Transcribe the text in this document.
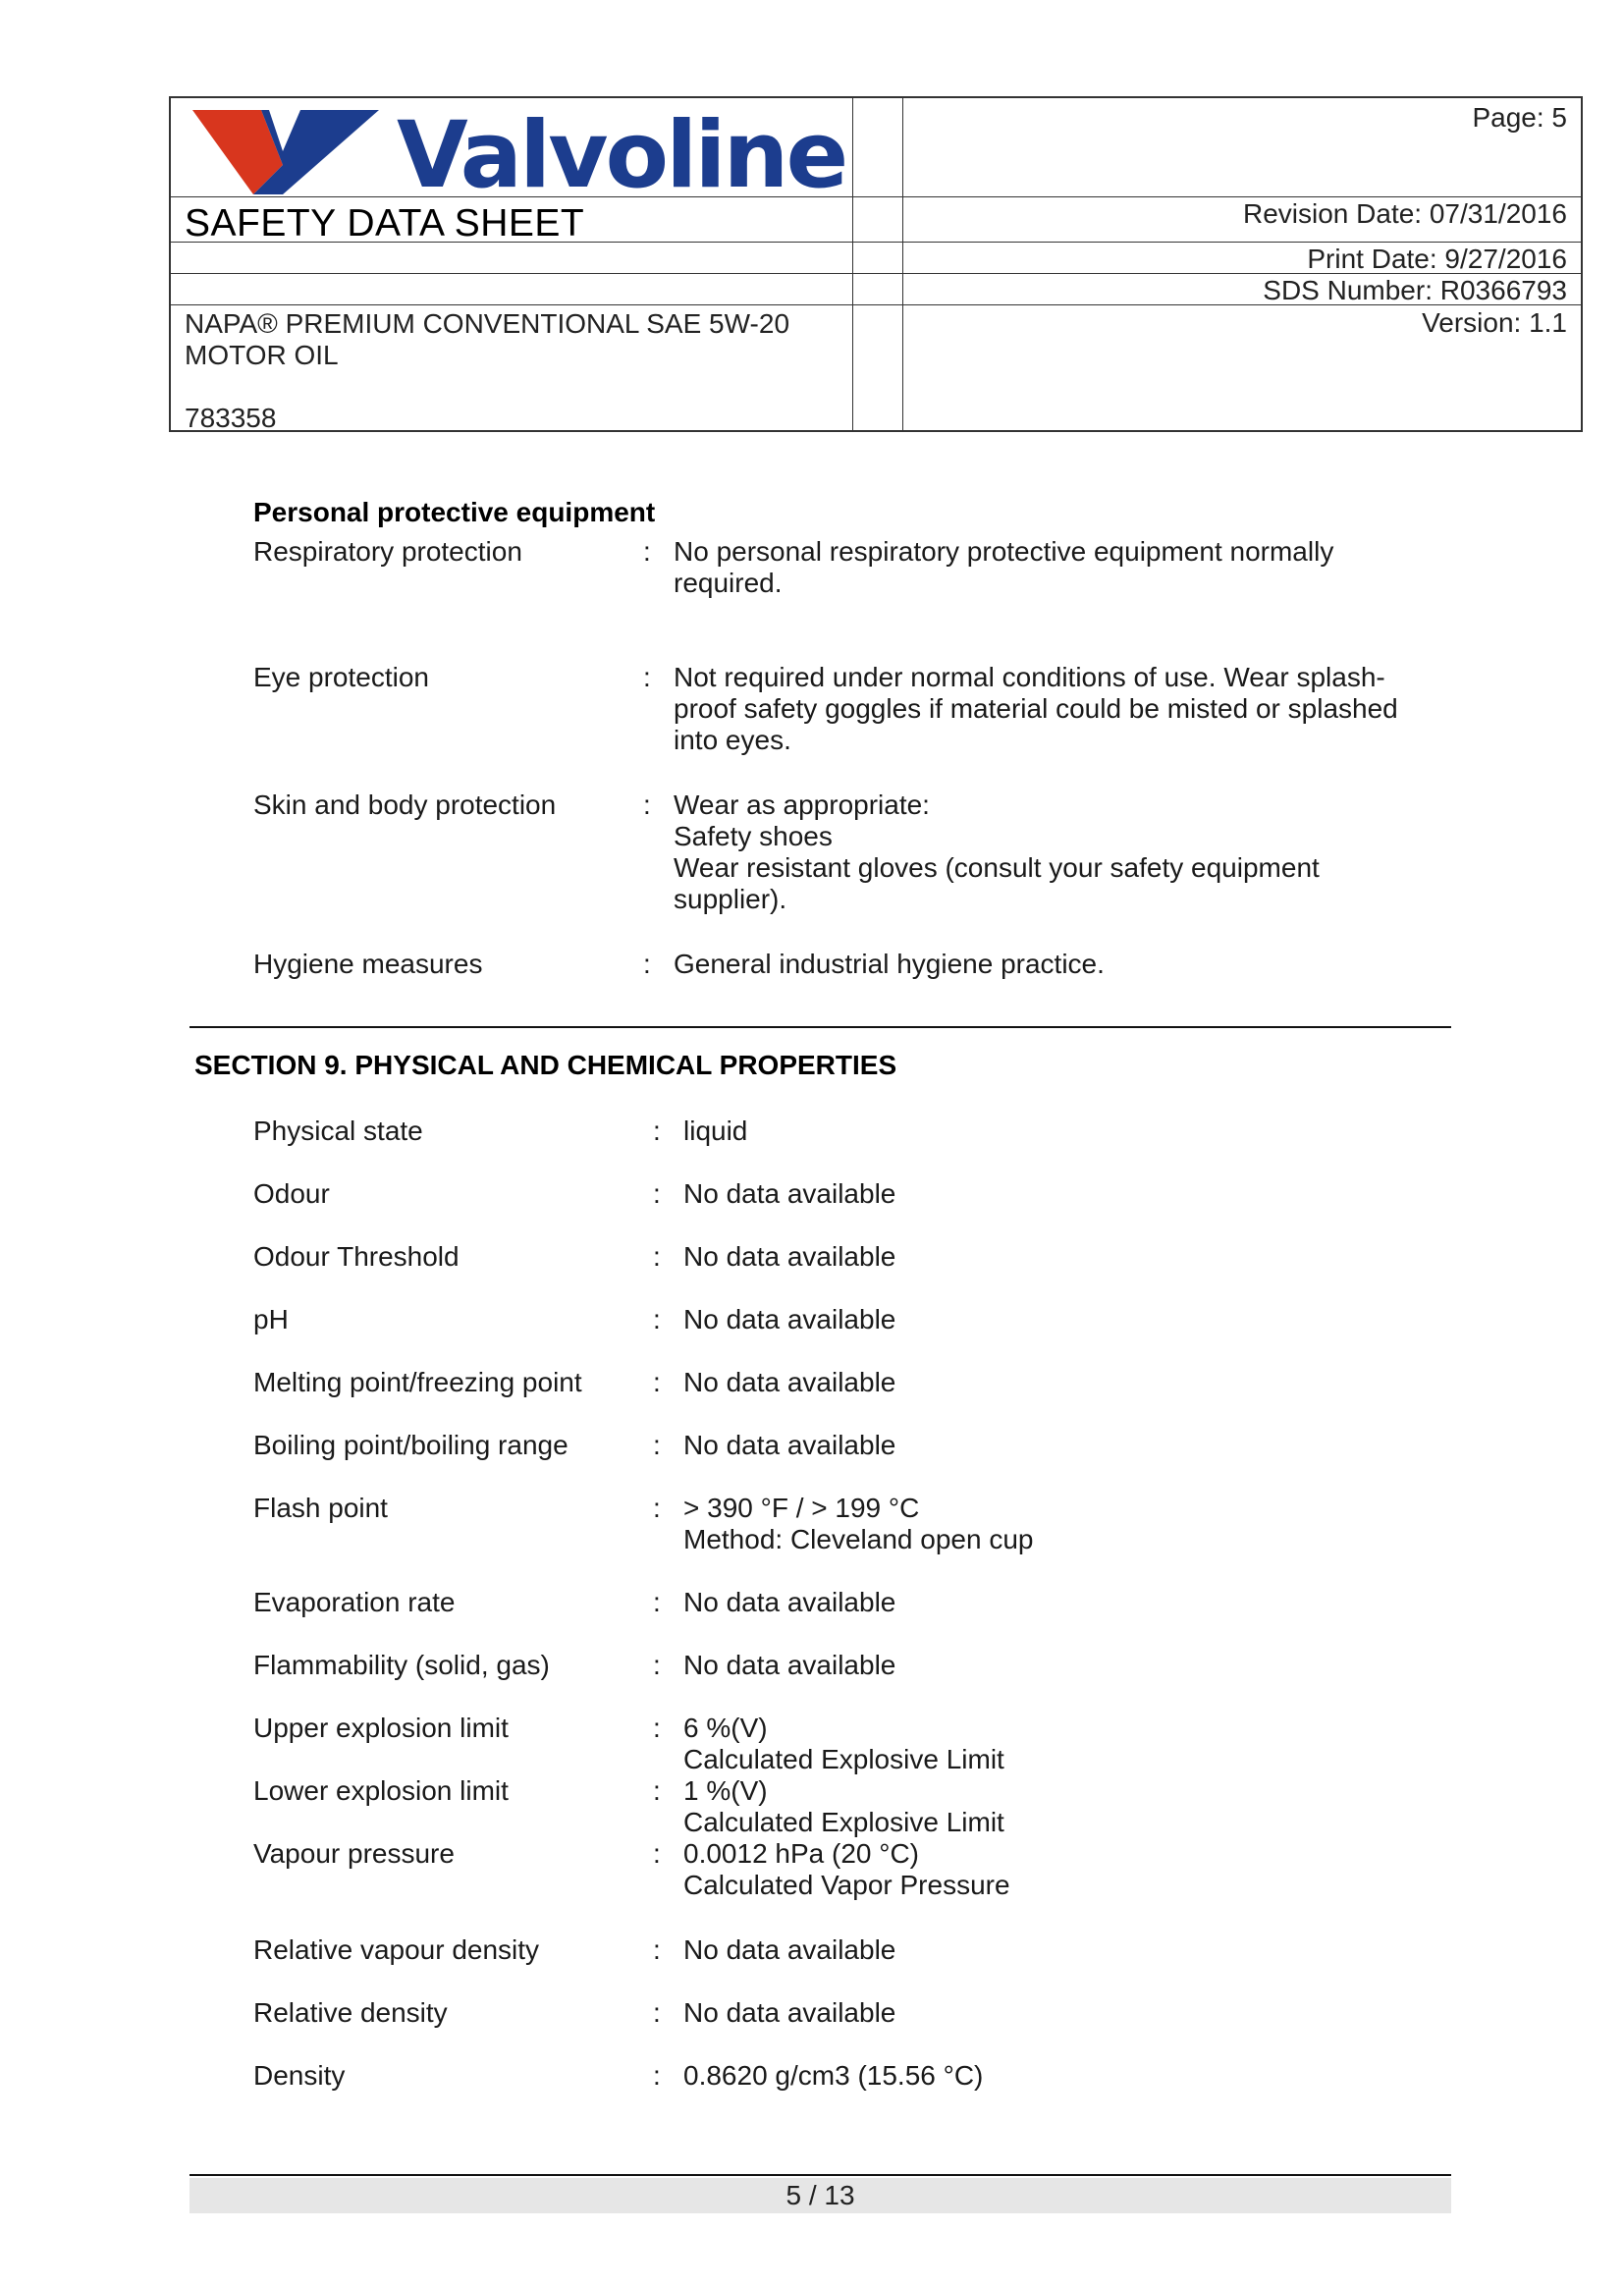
Valvoline
SAFETY DATA SHEET
Page: 5
Revision Date: 07/31/2016
Print Date: 9/27/2016
SDS Number: R0366793
Version: 1.1
NAPA® PREMIUM CONVENTIONAL SAE 5W-20
MOTOR OIL
783358
Personal protective equipment
Respiratory protection	: No personal respiratory protective equipment normally
required.
Eye protection	: Not required under normal conditions of use. Wear splash-
proof safety goggles if material could be misted or splashed
into eyes.
Skin and body protection	: Wear as appropriate:
Safety shoes
Wear resistant gloves (consult your safety equipment
supplier).
Hygiene measures	: General industrial hygiene practice.
SECTION 9. PHYSICAL AND CHEMICAL PROPERTIES
Physical state	: liquid
Odour	: No data available
Odour Threshold	: No data available
pH	: No data available
Melting point/freezing point	: No data available
Boiling point/boiling range	: No data available
Flash point	: > 390 °F / > 199 °C
Method: Cleveland open cup
Evaporation rate	: No data available
Flammability (solid, gas)	: No data available
Upper explosion limit	: 6 %(V)
Calculated Explosive Limit
Lower explosion limit	: 1 %(V)
Calculated Explosive Limit
Vapour pressure	: 0.0012 hPa (20 °C)
Calculated Vapor Pressure
Relative vapour density	: No data available
Relative density	: No data available
Density	: 0.8620 g/cm3 (15.56 °C)
5 / 13
